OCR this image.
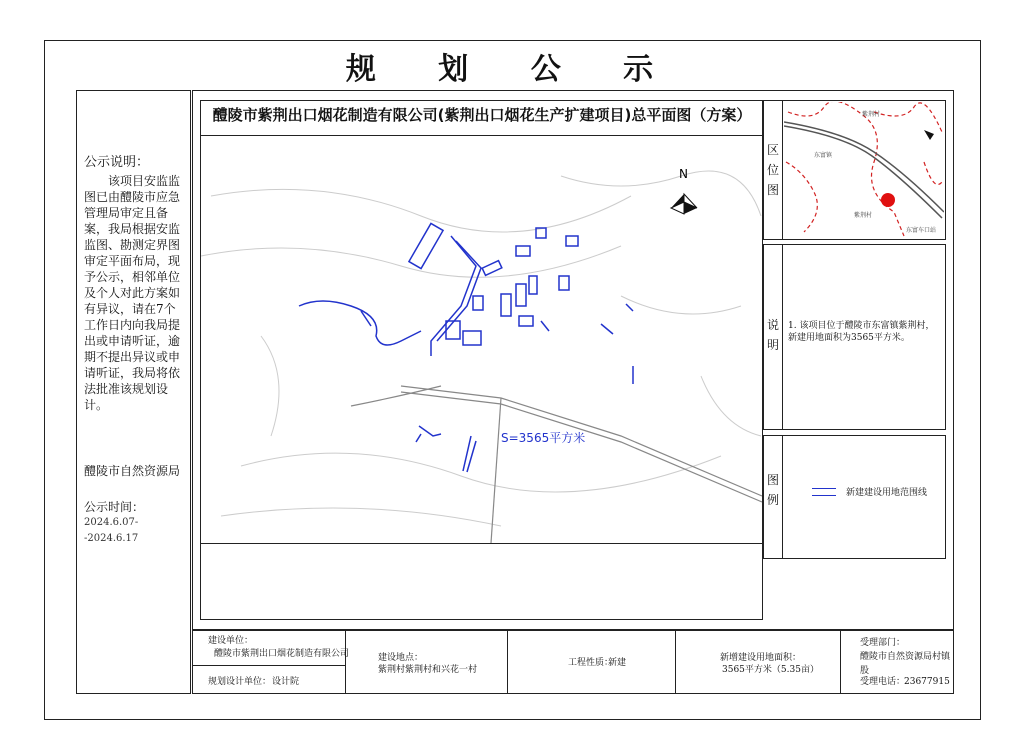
规 划 公 示
公示说明：
该项目安监监图已由醴陵市应急管理局审定且备案，我局根据安监监图、勘测定界图审定平面布局，现予公示，相邻单位及个人对此方案如有异议，请在7个工作日内向我局提出或申请听证，逾期不提出异议或申请听证，我局将依法批准该规划设计。
醴陵市自然资源局
公示时间：
2024.6.07--2024.6.17
醴陵市紫荆出口烟花制造有限公司(紫荆出口烟花生产扩建项目)总平面图（方案）
N
S=3565平方米
区位图
紫荆村
东富镇
紫荆村
东富车口站
说明
1. 该项目位于醴陵市东富镇紫荆村，新建用地面积为3565平方米。
图例	新建建设用地范围线
建设单位：
醴陵市紫荆出口烟花制造有限公司
规划设计单位： 设计院
建设地点：
紫荆村紫荆村和兴花一村
工程性质：
新建	新增建设用地面积：
3565平方米（5.35亩）
受理部门：
醴陵市自然资源局村镇股
受理电话：
23677915
